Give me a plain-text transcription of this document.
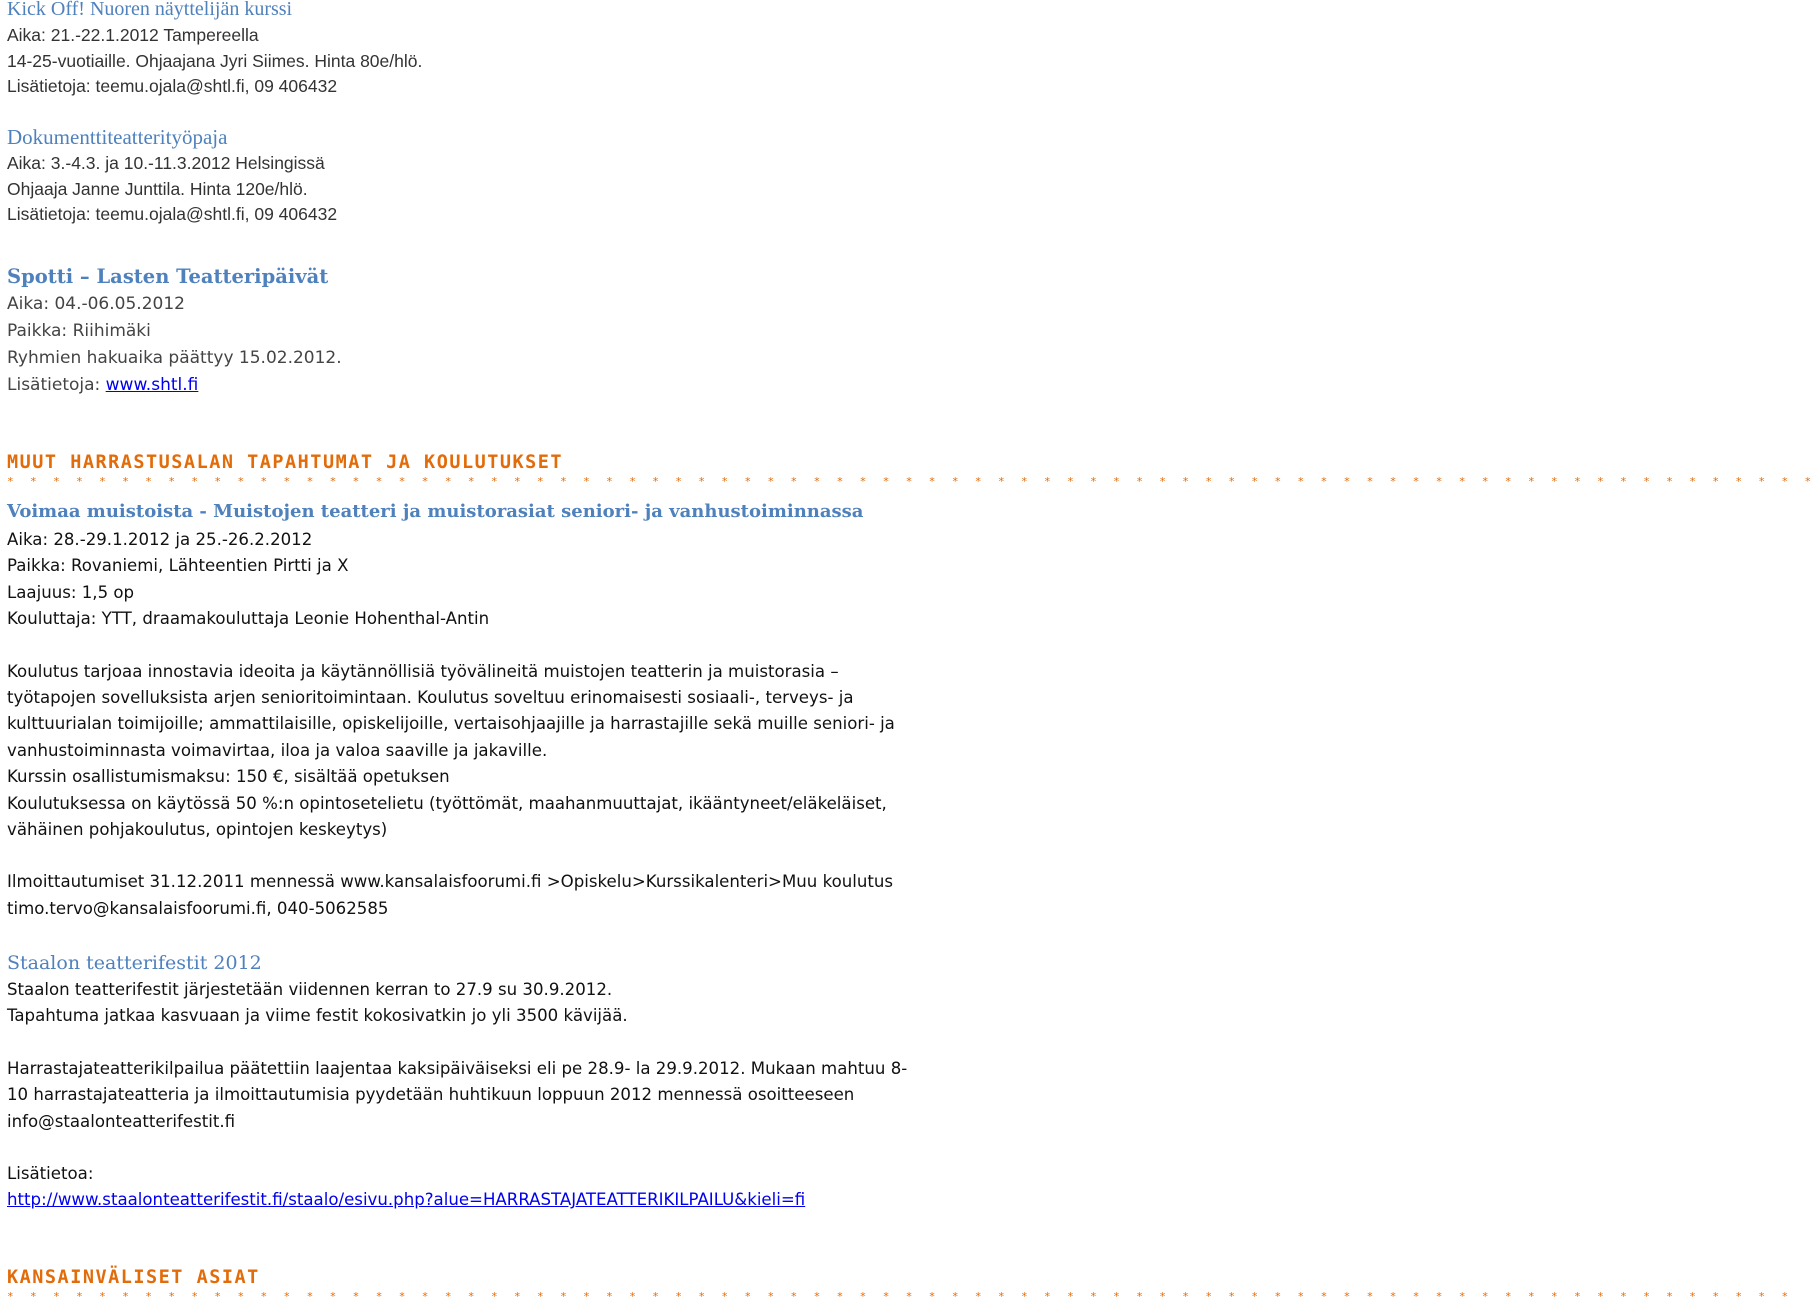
Kick Off! Nuoren näyttelijän kurssi
Aika: 21.-22.1.2012 Tampereella
14-25-vuotiaille. Ohjaajana Jyri Siimes. Hinta 80e/hlö.
Lisätietoja: teemu.ojala@shtl.fi, 09 406432
Dokumenttiteatterityöpaja
Aika: 3.-4.3. ja 10.-11.3.2012 Helsingissä
Ohjaaja Janne Junttila. Hinta 120e/hlö.
Lisätietoja: teemu.ojala@shtl.fi, 09 406432
Spotti – Lasten Teatteripäivät
Aika: 04.-06.05.2012
Paikka: Riihimäki
Ryhmien hakuaika päättyy 15.02.2012.
Lisätietoja: www.shtl.fi
MUUT HARRASTUSALAN TAPAHTUMAT JA KOULUTUKSET
* * * * * * * * * * * * * * * * * * * * * * * * * * * * * * * * * * * * * * * * * * * * * * * * * * * * * * * * * * * * * * * * * * * * * * * * * * * * * * *
Voimaa muistoista - Muistojen teatteri ja muistorasiat seniori- ja vanhustoiminnassa
Aika: 28.-29.1.2012 ja 25.-26.2.2012
Paikka: Rovaniemi, Lähteentien Pirtti ja X
Laajuus: 1,5 op
Kouluttaja: YTT, draamakouluttaja Leonie Hohenthal-Antin
Koulutus tarjoaa innostavia ideoita ja käytännöllisiä työvälineitä muistojen teatterin ja muistorasia –
työtapojen sovelluksista arjen senioritoimintaan. Koulutus soveltuu erinomaisesti sosiaali-, terveys- ja
kulttuurialan toimijoille; ammattilaisille, opiskelijoille, vertaisohjaajille ja harrastajille sekä muille seniori- ja
vanhustoiminnasta voimavirtaa, iloa ja valoa saaville ja jakaville.
Kurssin osallistumismaksu: 150 €, sisältää opetuksen
Koulutuksessa on käytössä 50 %:n opintosetelietu (työttömät, maahanmuuttajat, ikääntyneet/eläkeläiset,
vähäinen pohjakoulutus, opintojen keskeytys)
Ilmoittautumiset 31.12.2011 mennessä www.kansalaisfoorumi.fi >Opiskelu>Kurssikalenteri>Muu koulutus
timo.tervo@kansalaisfoorumi.fi, 040-5062585
Staalon teatterifestit 2012
Staalon teatterifestit järjestetään viidennen kerran to 27.9 su 30.9.2012.
Tapahtuma jatkaa kasvuaan ja viime festit kokosivatkin jo yli 3500 kävijää.
Harrastajateatterikilpailua päätettiin laajentaa kaksipäiväiseksi eli pe 28.9- la 29.9.2012. Mukaan mahtuu 8-
10 harrastajateatteria ja ilmoittautumisia pyydetään huhtikuun loppuun 2012 mennessä osoitteeseen
info@staalonteatterifestit.fi
Lisätietoa:
http://www.staalonteatterifestit.fi/staalo/esivu.php?alue=HARRASTAJATEATTERIKILPAILU&kieli=fi
KANSAINVÄLISET ASIAT
* * * * * * * * * * * * * * * * * * * * * * * * * * * * * * * * * * * * * * * * * * * * * * * * * * * * * * * * * * * * * * * * * * * * * * * * * * * * * *
